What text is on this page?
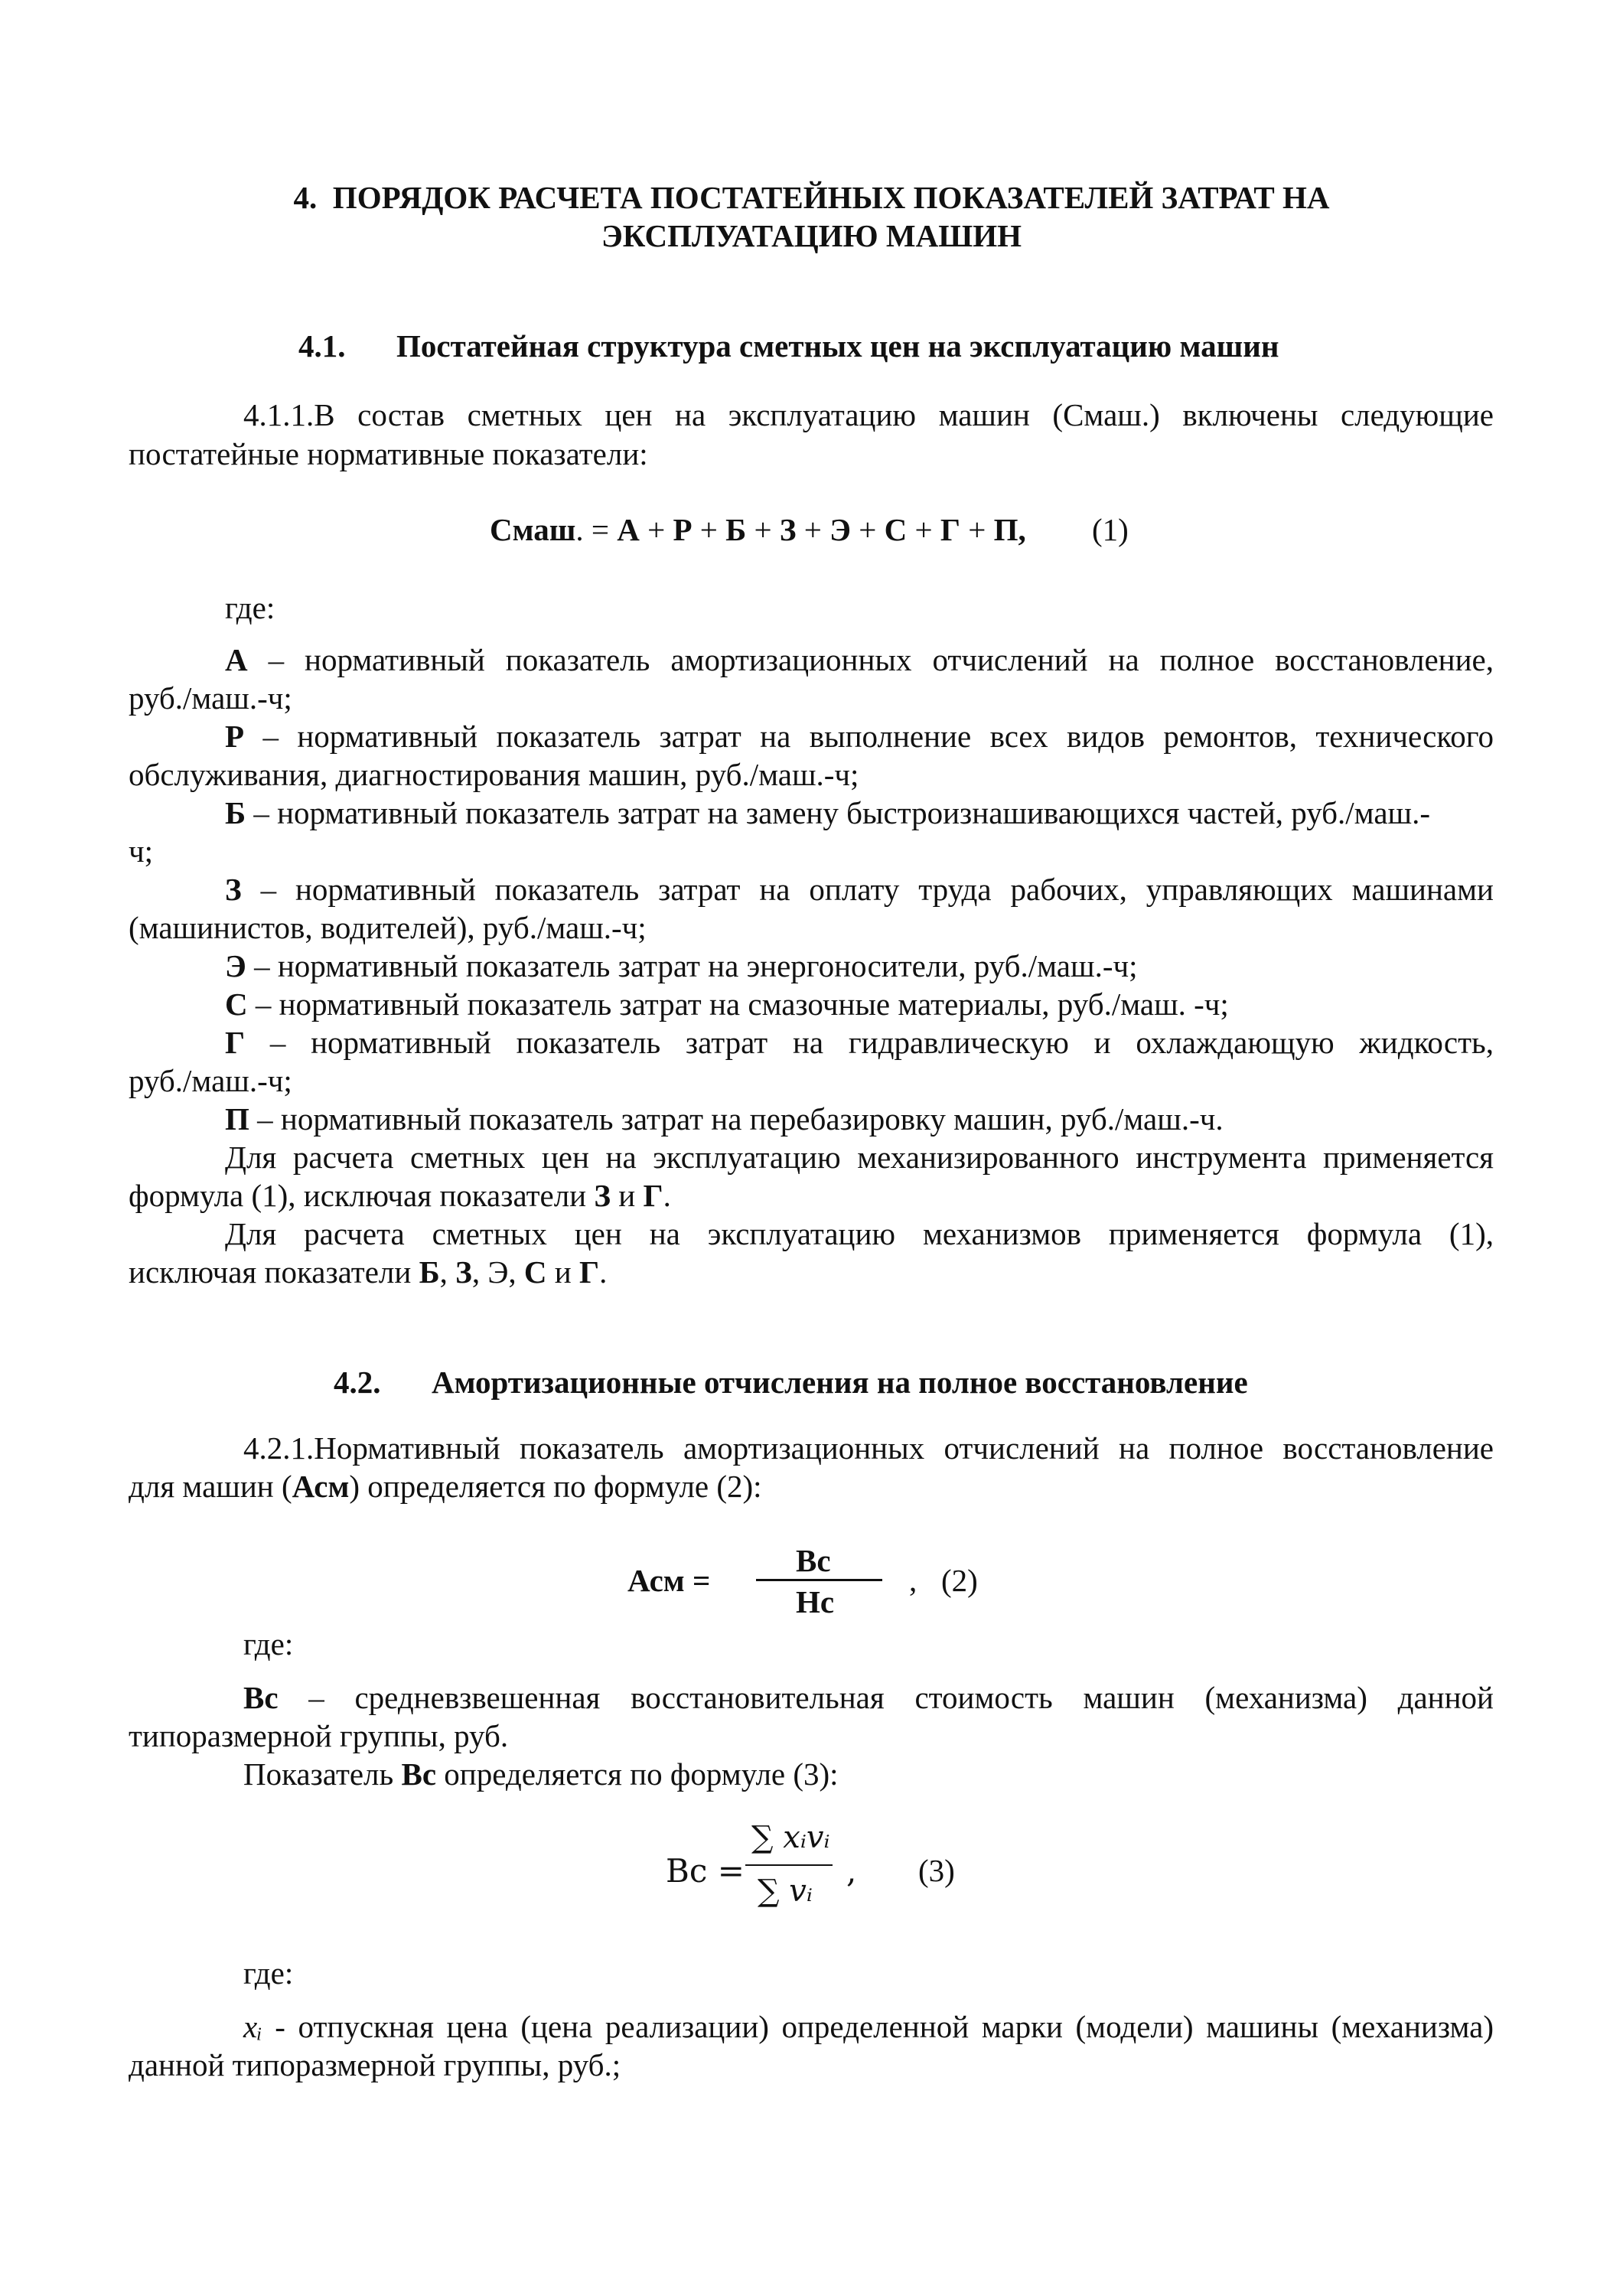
4. ПОРЯДОК РАСЧЕТА ПОСТАТЕЙНЫХ ПОКАЗАТЕЛЕЙ ЗАТРАТ НА
ЭКСПЛУАТАЦИЮ МАШИН
4.1. Постатейная структура сметных цен на эксплуатацию машин
4.1.1.В состав сметных цен на эксплуатацию машин (Смаш.) включены следующие
постатейные нормативные показатели:
Смаш. = А + Р + Б + З + Э + С + Г + П, (1)
где:
А – нормативный показатель амортизационных отчислений на полное восстановление,
руб./маш.-ч;
Р – нормативный показатель затрат на выполнение всех видов ремонтов, технического
обслуживания, диагностирования машин, руб./маш.-ч;
Б – нормативный показатель затрат на замену быстроизнашивающихся частей, руб./маш.-
ч;
З – нормативный показатель затрат на оплату труда рабочих, управляющих машинами
(машинистов, водителей), руб./маш.-ч;
Э – нормативный показатель затрат на энергоносители, руб./маш.-ч;
С – нормативный показатель затрат на смазочные материалы, руб./маш. -ч;
Г – нормативный показатель затрат на гидравлическую и охлаждающую жидкость,
руб./маш.-ч;
П – нормативный показатель затрат на перебазировку машин, руб./маш.-ч.
Для расчета сметных цен на эксплуатацию механизированного инструмента применяется
формула (1), исключая показатели З и Г.
Для расчета сметных цен на эксплуатацию механизмов применяется формула (1),
исключая показатели Б, З, Э, С и Г.
4.2. Амортизационные отчисления на полное восстановление
4.2.1.Нормативный показатель амортизационных отчислений на полное восстановление
для машин (Асм) определяется по формуле (2):
Асм =
Вс
Нс
, (2)
где:
Вс – средневзвешенная восстановительная стоимость машин (механизма) данной
типоразмерной группы, руб.
Показатель Вс определяется по формуле (3):
Вс =
∑ xᵢvᵢ
∑ vᵢ
, (3)
где:
xᵢ - отпускная цена (цена реализации) определенной марки (модели) машины (механизма)
данной типоразмерной группы, руб.;
